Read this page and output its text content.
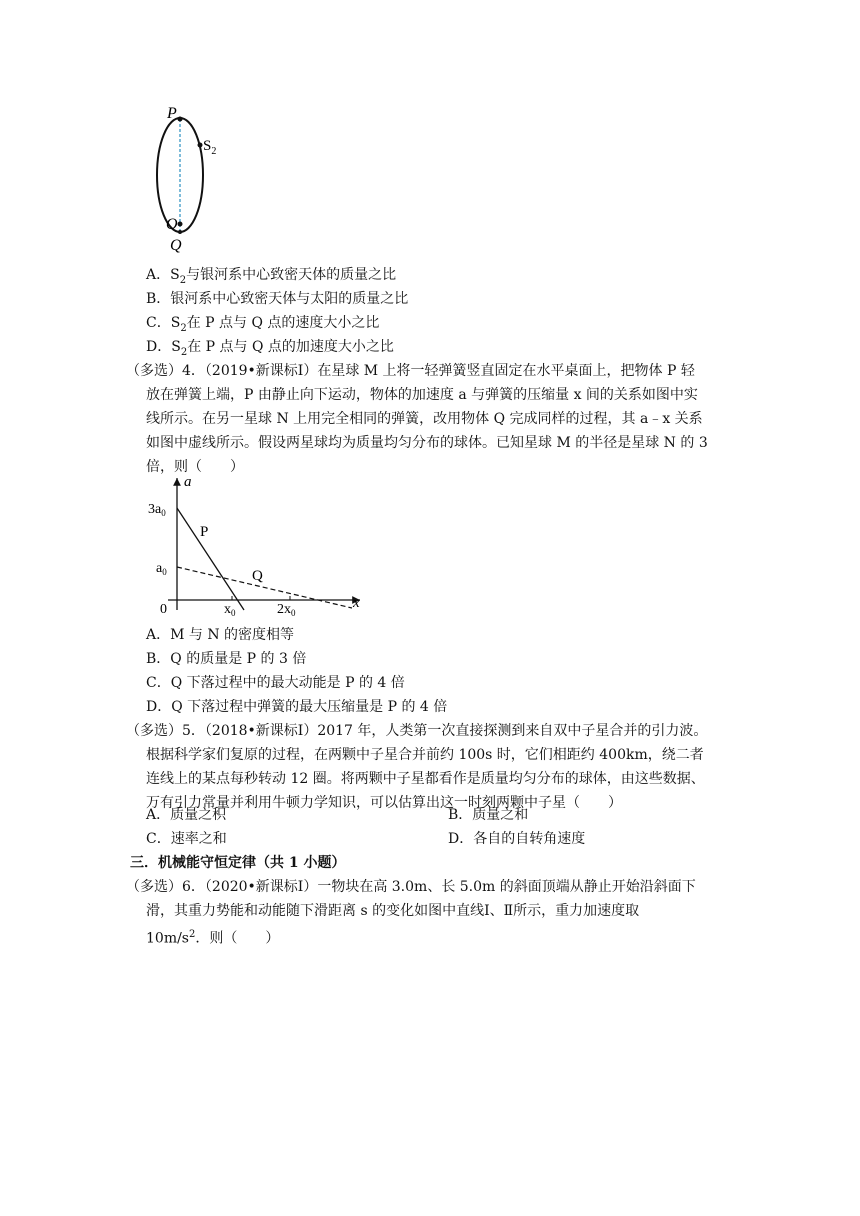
P
$S_2$
O
Q
A．$S_2$与银河系中心致密天体的质量之比
B．银河系中心致密天体与太阳的质量之比
C．$S_2$在 P 点与 Q 点的速度大小之比
D．$S_2$在 P 点与 Q 点的加速度大小之比
（多选）4．（2019•新课标Ⅰ）在星球 M 上将一轻弹簧竖直固定在水平桌面上，把物体 P 轻
放在弹簧上端，P 由静止向下运动，物体的加速度 a 与弹簧的压缩量 x 间的关系如图中实
线所示。在另一星球 N 上用完全相同的弹簧，改用物体 Q 完成同样的过程，其 a﹣x 关系
如图中虚线所示。假设两星球均为质量均匀分布的球体。已知星球 M 的半径是星球 N 的 3
倍，则（　　）
a
x
0
$3a_0$
$a_0$
$x_0$	$2x_0$
P
Q
A．M 与 N 的密度相等
B．Q 的质量是 P 的 3 倍
C．Q 下落过程中的最大动能是 P 的 4 倍
D．Q 下落过程中弹簧的最大压缩量是 P 的 4 倍
（多选）5．（2018•新课标Ⅰ）2017 年，人类第一次直接探测到来自双中子星合并的引力波。
根据科学家们复原的过程，在两颗中子星合并前约 100s 时，它们相距约 400km，绕二者
连线上的某点每秒转动 12 圈。将两颗中子星都看作是质量均匀分布的球体，由这些数据、
万有引力常量并利用牛顿力学知识，可以估算出这一时刻两颗中子星（　　）
A．质量之积	B．质量之和
C．速率之和	D．各自的自转角速度
三．机械能守恒定律（共 1 小题）
（多选）6．（2020•新课标Ⅰ）一物块在高 3.0m、长 5.0m 的斜面顶端从静止开始沿斜面下
滑，其重力势能和动能随下滑距离 s 的变化如图中直线Ⅰ、Ⅱ所示，重力加速度取
$10m/s^2$．则（　　）
